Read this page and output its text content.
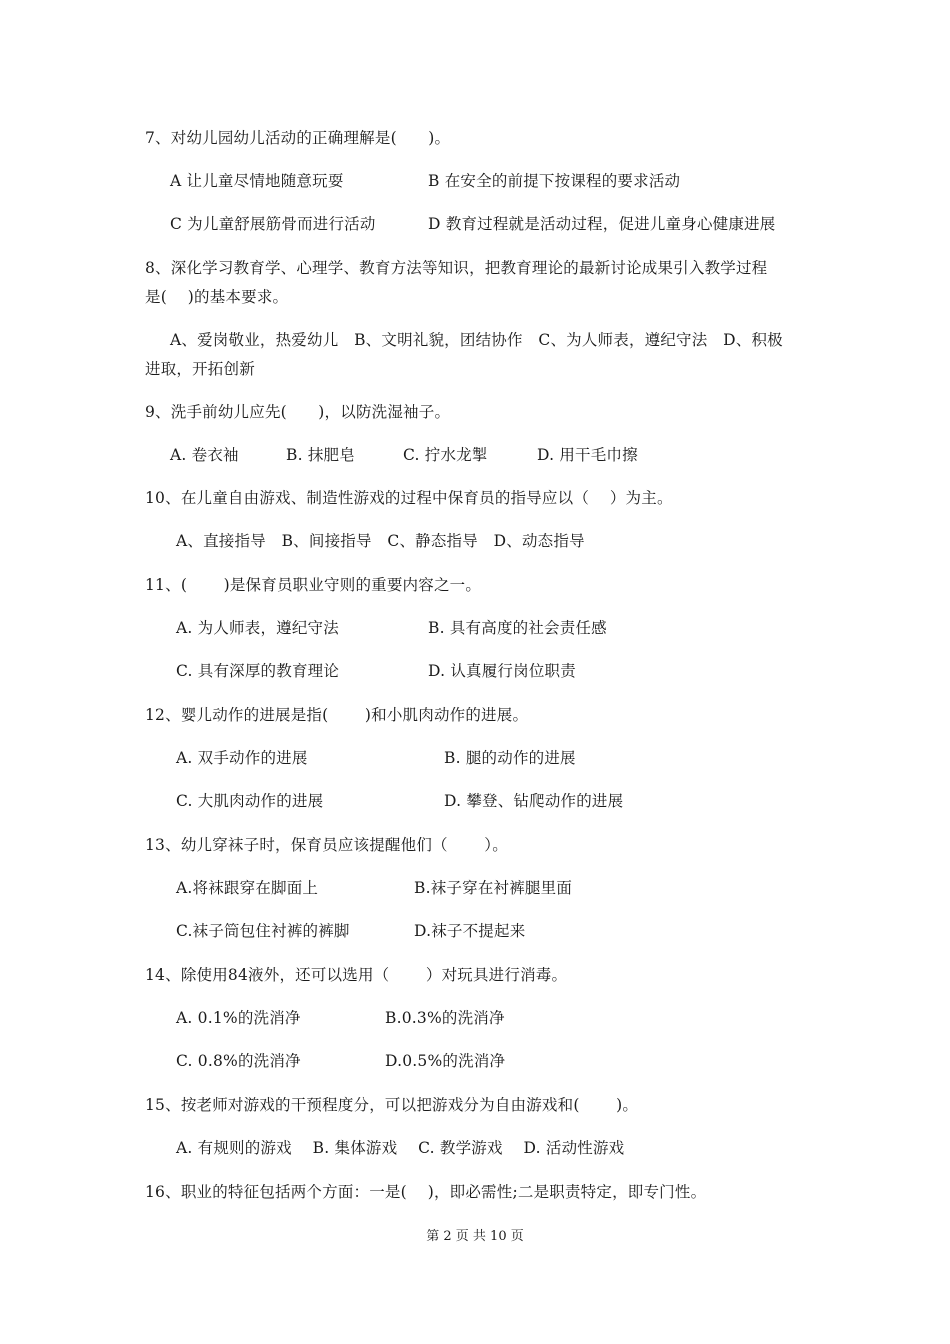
7、对幼儿园幼儿活动的正确理解是(　　)。
A 让儿童尽情地随意玩耍	B 在安全的前提下按课程的要求活动
C 为儿童舒展筋骨而进行活动	D 教育过程就是活动过程，促进儿童身心健康进展
8、深化学习教育学、心理学、教育方法等知识，把教育理论的最新讨论成果引入教学过程
是(　 )的基本要求。
A、爱岗敬业，热爱幼儿　B、文明礼貌，团结协作　C、为人师表，遵纪守法　D、积极
进取，开拓创新
9、洗手前幼儿应先(　　)，以防洗湿袖子。
A. 卷衣袖	B. 抹肥皂	C. 拧水龙掣	D. 用干毛巾擦
10、在儿童自由游戏、制造性游戏的过程中保育员的指导应以（　 ）为主。
A、直接指导　B、间接指导　C、静态指导　D、动态指导
11、(　　 )是保育员职业守则的重要内容之一。
A. 为人师表，遵纪守法	B. 具有高度的社会责任感
C. 具有深厚的教育理论	D. 认真履行岗位职责
12、婴儿动作的进展是指(　　 )和小肌肉动作的进展。
A. 双手动作的进展	B. 腿的动作的进展
C. 大肌肉动作的进展	D. 攀登、钻爬动作的进展
13、幼儿穿袜子时，保育员应该提醒他们（　　 ）。
A.将袜跟穿在脚面上	B.袜子穿在衬裤腿里面
C.袜子筒包住衬裤的裤脚	D.袜子不提起来
14、除使用84液外，还可以选用（　　 ）对玩具进行消毒。
A. 0.1%的洗消净	B.0.3%的洗消净
C. 0.8%的洗消净	D.0.5%的洗消净
15、按老师对游戏的干预程度分，可以把游戏分为自由游戏和(　　 )。
A. 有规则的游戏　 B. 集体游戏　 C. 教学游戏　 D. 活动性游戏
16、职业的特征包括两个方面：一是(　 )，即必需性;二是职责特定，即专门性。
第 2 页 共 10 页
